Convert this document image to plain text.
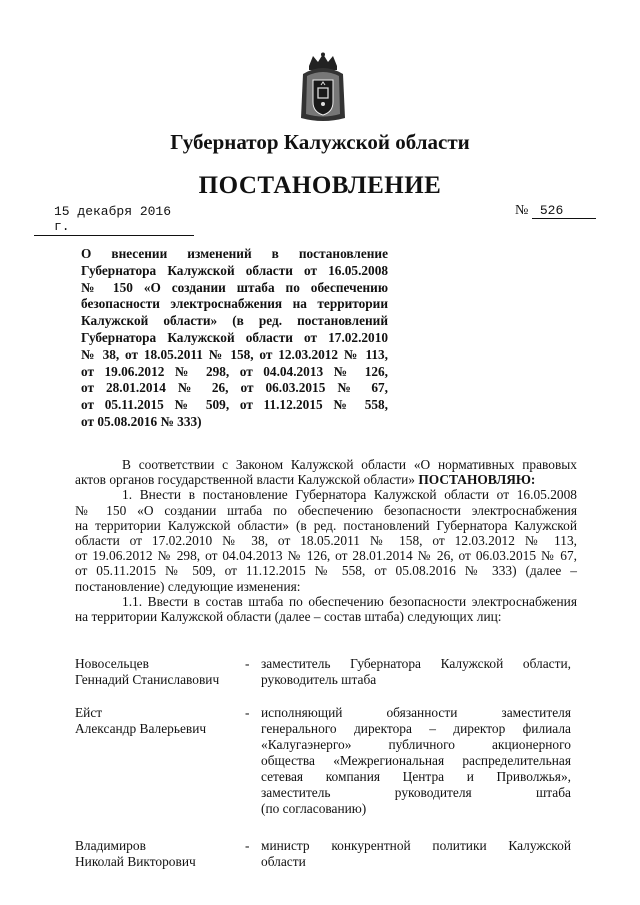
Губернатор Калужской области
ПОСТАНОВЛЕНИЕ
15 декабря 2016 г.
№ 526
О внесении изменений в постановление
Губернатора Калужской области от 16.05.2008
№ 150 «О создании штаба по обеспечению
безопасности электроснабжения на территории
Калужской области» (в ред. постановлений
Губернатора Калужской области от 17.02.2010
№ 38, от 18.05.2011 № 158, от 12.03.2012 № 113,
от 19.06.2012 № 298, от 04.04.2013 № 126,
от 28.01.2014 № 26, от 06.03.2015 № 67,
от 05.11.2015 № 509, от 11.12.2015 № 558,
от 05.08.2016 № 333)
В соответствии с Законом Калужской области «О нормативных правовых
актов органов государственной власти Калужской области» ПОСТАНОВЛЯЮ:
1. Внести в постановление Губернатора Калужской области от 16.05.2008
№ 150 «О создании штаба по обеспечению безопасности электроснабжения
на территории Калужской области» (в ред. постановлений Губернатора Калужской
области от 17.02.2010 № 38, от 18.05.2011 № 158, от 12.03.2012 № 113,
от 19.06.2012 № 298, от 04.04.2013 № 126, от 28.01.2014 № 26, от 06.03.2015 № 67,
от 05.11.2015 № 509, от 11.12.2015 № 558, от 05.08.2016 № 333) (далее –
постановление) следующие изменения:
1.1. Ввести в состав штаба по обеспечению безопасности электроснабжения
на территории Калужской области (далее – состав штаба) следующих лиц:
Новосельцев
Геннадий Станиславович
- заместитель Губернатора Калужской области,
руководитель штаба
Ейст
Александр Валерьевич
- исполняющий обязанности заместителя
генерального директора – директор филиала
«Калугаэнерго» публичного акционерного
общества «Межрегиональная распределительная
сетевая компания Центра и Приволжья»,
заместитель руководителя штаба
(по согласованию)
Владимиров
Николай Викторович
- министр конкурентной политики Калужской
области
